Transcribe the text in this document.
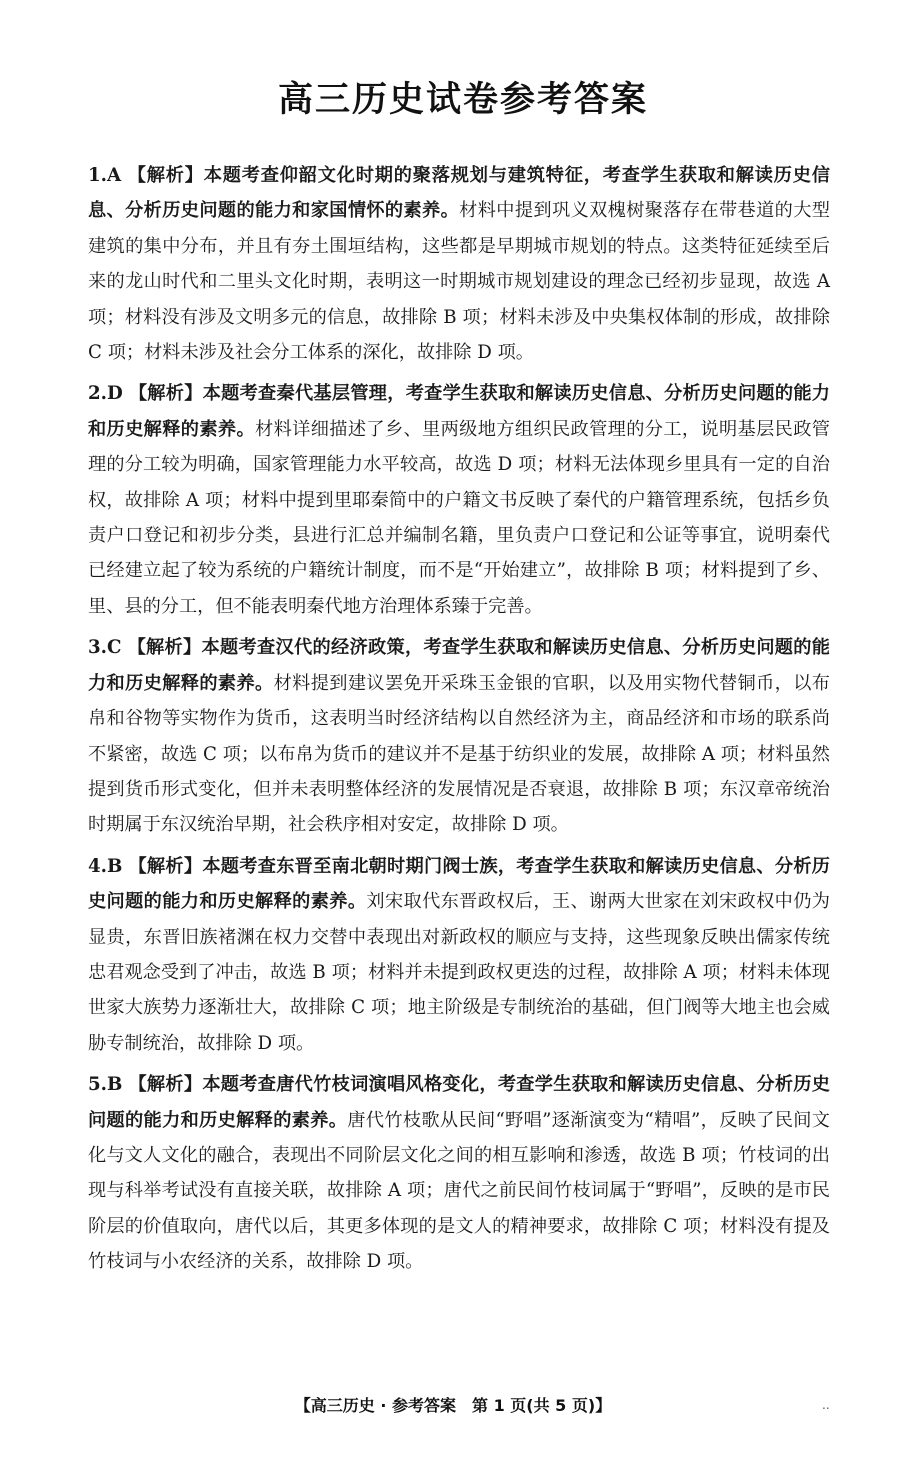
高三历史试卷参考答案

1.A 【解析】本题考查仰韶文化时期的聚落规划与建筑特征，考查学生获取和解读历史信息、分析历史问题的能力和家国情怀的素养。材料中提到巩义双槐树聚落存在带巷道的大型建筑的集中分布，并且有夯土围垣结构，这些都是早期城市规划的特点。这类特征延续至后来的龙山时代和二里头文化时期，表明这一时期城市规划建设的理念已经初步显现，故选 A 项；材料没有涉及文明多元的信息，故排除 B 项；材料未涉及中央集权体制的形成，故排除 C 项；材料未涉及社会分工体系的深化，故排除 D 项。

2.D 【解析】本题考查秦代基层管理，考查学生获取和解读历史信息、分析历史问题的能力和历史解释的素养。材料详细描述了乡、里两级地方组织民政管理的分工，说明基层民政管理的分工较为明确，国家管理能力水平较高，故选 D 项；材料无法体现乡里具有一定的自治权，故排除 A 项；材料中提到里耶秦简中的户籍文书反映了秦代的户籍管理系统，包括乡负责户口登记和初步分类，县进行汇总并编制名籍，里负责户口登记和公证等事宜，说明秦代已经建立起了较为系统的户籍统计制度，而不是“开始建立”，故排除 B 项；材料提到了乡、里、县的分工，但不能表明秦代地方治理体系臻于完善。

3.C 【解析】本题考查汉代的经济政策，考查学生获取和解读历史信息、分析历史问题的能力和历史解释的素养。材料提到建议罢免开采珠玉金银的官职，以及用实物代替铜币，以布帛和谷物等实物作为货币，这表明当时经济结构以自然经济为主，商品经济和市场的联系尚不紧密，故选 C 项；以布帛为货币的建议并不是基于纺织业的发展，故排除 A 项；材料虽然提到货币形式变化，但并未表明整体经济的发展情况是否衰退，故排除 B 项；东汉章帝统治时期属于东汉统治早期，社会秩序相对安定，故排除 D 项。

4.B 【解析】本题考查东晋至南北朝时期门阀士族，考查学生获取和解读历史信息、分析历史问题的能力和历史解释的素养。刘宋取代东晋政权后，王、谢两大世家在刘宋政权中仍为显贵，东晋旧族褚渊在权力交替中表现出对新政权的顺应与支持，这些现象反映出儒家传统忠君观念受到了冲击，故选 B 项；材料并未提到政权更迭的过程，故排除 A 项；材料未体现世家大族势力逐渐壮大，故排除 C 项；地主阶级是专制统治的基础，但门阀等大地主也会威胁专制统治，故排除 D 项。

5.B 【解析】本题考查唐代竹枝词演唱风格变化，考查学生获取和解读历史信息、分析历史问题的能力和历史解释的素养。唐代竹枝歌从民间“野唱”逐渐演变为“精唱”，反映了民间文化与文人文化的融合，表现出不同阶层文化之间的相互影响和渗透，故选 B 项；竹枝词的出现与科举考试没有直接关联，故排除 A 项；唐代之前民间竹枝词属于“野唱”，反映的是市民阶层的价值取向，唐代以后，其更多体现的是文人的精神要求，故排除 C 项；材料没有提及竹枝词与小农经济的关系，故排除 D 项。

【高三历史 · 参考答案　第 1 页(共 5 页)】	..
